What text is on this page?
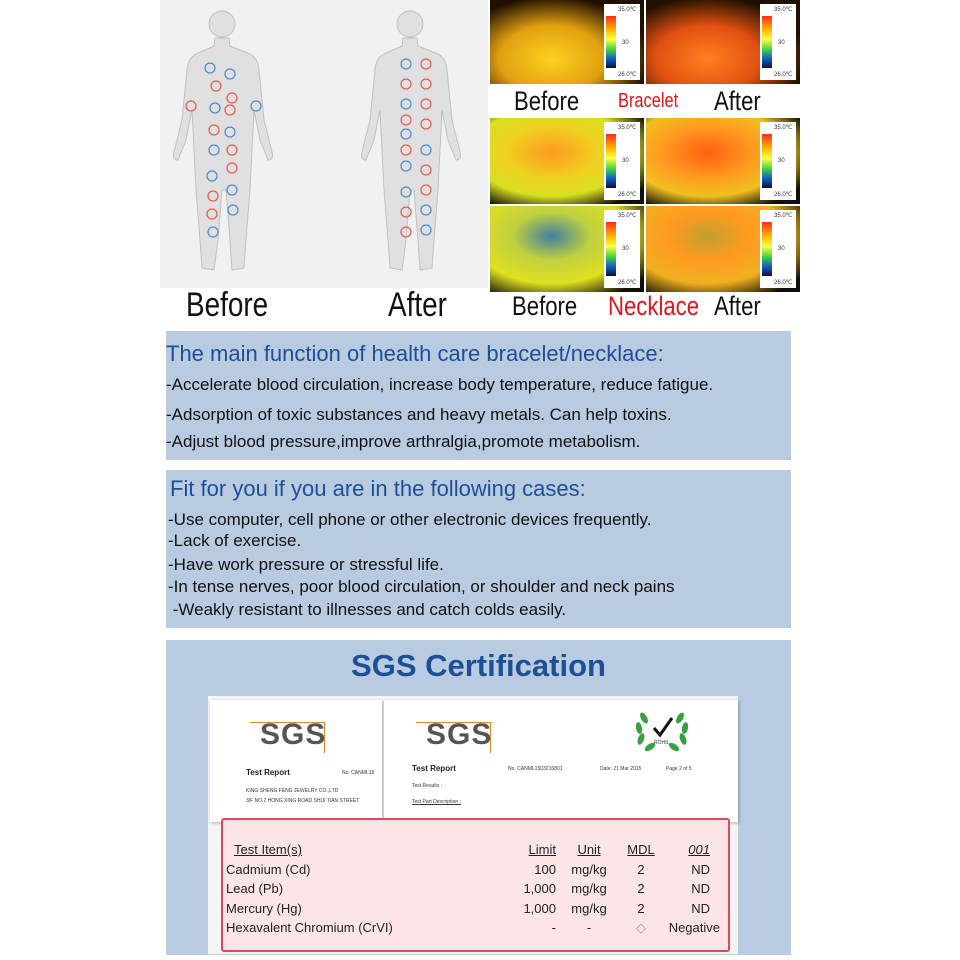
Before	After
35.0℃
30
26.0℃
35.0℃
30
26.0℃
Before Bracelet After
35.0℃
30
26.0℃
35.0℃
30
26.0℃
35.0℃
30
26.0℃
35.0℃
30
26.0℃
Before Necklace After
The main function of health care bracelet/necklace:
-Accelerate blood circulation, increase body temperature, reduce fatigue.
-Adsorption of toxic substances and heavy metals. Can help toxins.
-Adjust blood pressure,improve arthralgia,promote metabolism.
Fit for you if you are in the following cases:
-Use computer, cell phone or other electronic devices frequently.
-Lack of exercise.
-Have work pressure or stressful life.
-In tense nerves, poor blood circulation, or shoulder and neck pains
-Weakly resistant to illnesses and catch colds easily.
SGS Certification
SGS
Test Report	No. CANML15
KING SHENG FENG JEWELRY CO.,LTD
3/F NO.2 HONG XING ROAD SHUI TIAN STREET
SGS
Test Report	No. CANML1503216801	Date: 21 Mar 2015	Page 2 of 5
Test Results :
Test Part Description :
ROHS
Test Item(s)	Limit	Unit	MDL	001
Cadmium (Cd)	100	mg/kg	2	ND
Lead (Pb)	1,000	mg/kg	2	ND
Mercury (Hg)	1,000	mg/kg	2	ND
Hexavalent Chromium (CrVI)	-	-	◇	Negative
